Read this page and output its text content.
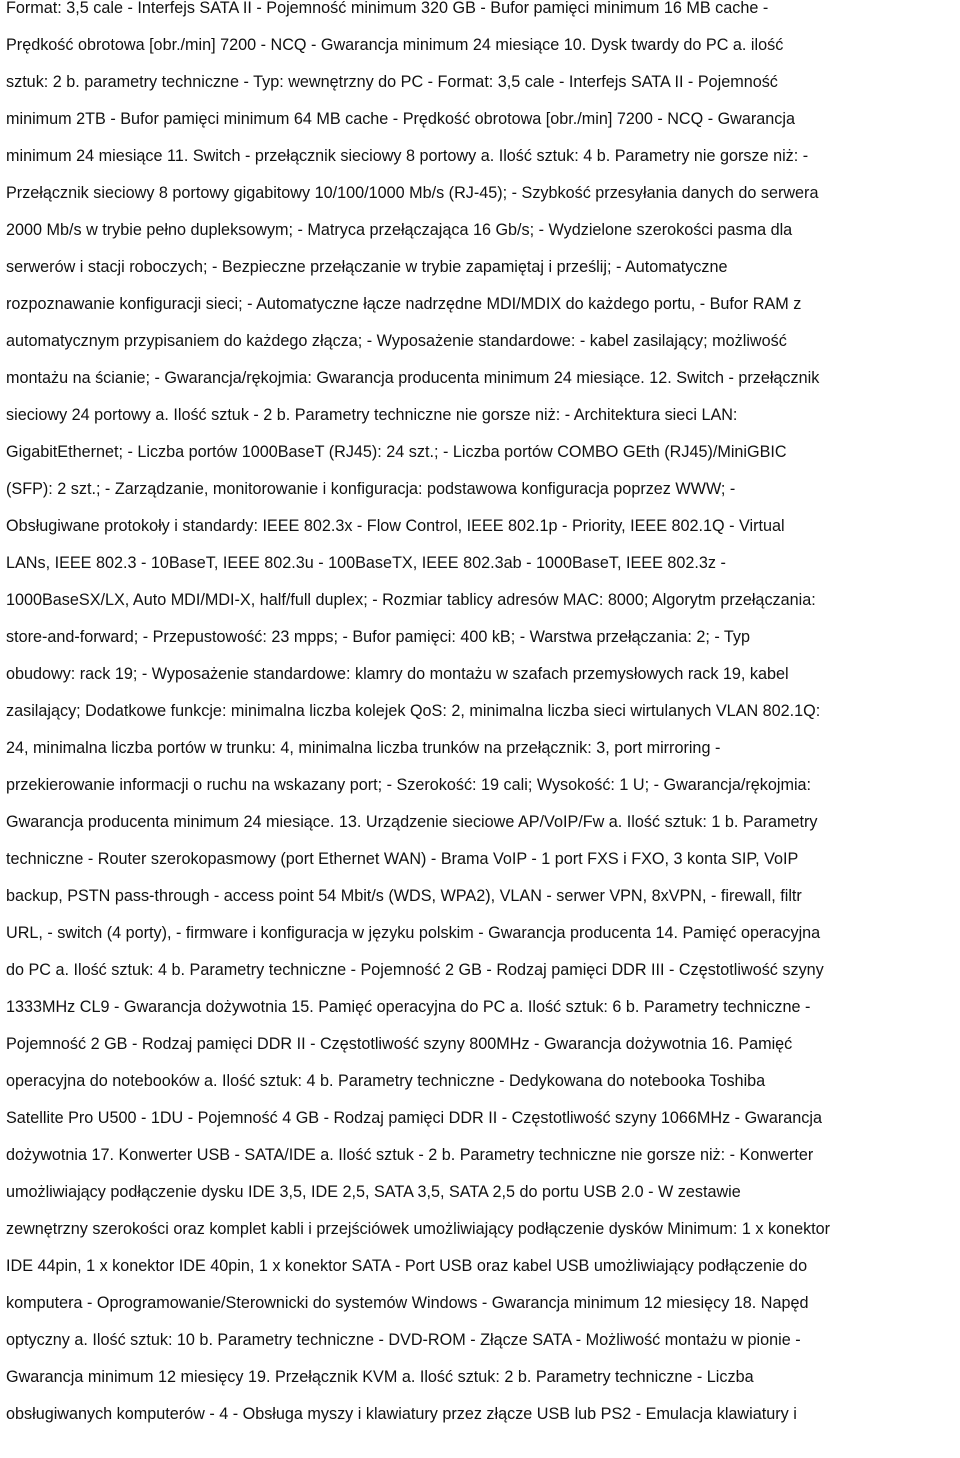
Format: 3,5 cale - Interfejs SATA II - Pojemność minimum 320 GB - Bufor pamięci minimum 16 MB cache -
Prędkość obrotowa [obr./min] 7200 - NCQ - Gwarancja minimum 24 miesiące 10. Dysk twardy do PC a. ilość
sztuk: 2 b. parametry techniczne - Typ: wewnętrzny do PC - Format: 3,5 cale - Interfejs SATA II - Pojemność
minimum 2TB - Bufor pamięci minimum 64 MB cache - Prędkość obrotowa [obr./min] 7200 - NCQ - Gwarancja
minimum 24 miesiące 11. Switch - przełącznik sieciowy 8 portowy a. Ilość sztuk: 4 b. Parametry nie gorsze niż: -
Przełącznik sieciowy 8 portowy gigabitowy 10/100/1000 Mb/s (RJ-45); - Szybkość przesyłania danych do serwera
2000 Mb/s w trybie pełno dupleksowym; - Matryca przełączająca 16 Gb/s; - Wydzielone szerokości pasma dla
serwerów i stacji roboczych; - Bezpieczne przełączanie w trybie zapamiętaj i prześlij; - Automatyczne
rozpoznawanie konfiguracji sieci; - Automatyczne łącze nadrzędne MDI/MDIX do każdego portu, - Bufor RAM z
automatycznym przypisaniem do każdego złącza; - Wyposażenie standardowe: - kabel zasilający; możliwość
montażu na ścianie; - Gwarancja/rękojmia: Gwarancja producenta minimum 24 miesiące. 12. Switch - przełącznik
sieciowy 24 portowy a. Ilość sztuk - 2 b. Parametry techniczne nie gorsze niż: - Architektura sieci LAN:
GigabitEthernet; - Liczba portów 1000BaseT (RJ45): 24 szt.; - Liczba portów COMBO GEth (RJ45)/MiniGBIC
(SFP): 2 szt.; - Zarządzanie, monitorowanie i konfiguracja: podstawowa konfiguracja poprzez WWW; -
Obsługiwane protokoły i standardy: IEEE 802.3x - Flow Control, IEEE 802.1p - Priority, IEEE 802.1Q - Virtual
LANs, IEEE 802.3 - 10BaseT, IEEE 802.3u - 100BaseTX, IEEE 802.3ab - 1000BaseT, IEEE 802.3z -
1000BaseSX/LX, Auto MDI/MDI-X, half/full duplex; - Rozmiar tablicy adresów MAC: 8000; Algorytm przełączania:
store-and-forward; - Przepustowość: 23 mpps; - Bufor pamięci: 400 kB; - Warstwa przełączania: 2; - Typ
obudowy: rack 19; - Wyposażenie standardowe: klamry do montażu w szafach przemysłowych rack 19, kabel
zasilający; Dodatkowe funkcje: minimalna liczba kolejek QoS: 2, minimalna liczba sieci wirtulanych VLAN 802.1Q:
24, minimalna liczba portów w trunku: 4, minimalna liczba trunków na przełącznik: 3, port mirroring -
przekierowanie informacji o ruchu na wskazany port; - Szerokość: 19 cali; Wysokość: 1 U; - Gwarancja/rękojmia:
Gwarancja producenta minimum 24 miesiące. 13. Urządzenie sieciowe AP/VoIP/Fw a. Ilość sztuk: 1 b. Parametry
techniczne - Router szerokopasmowy (port Ethernet WAN) - Brama VoIP - 1 port FXS i FXO, 3 konta SIP, VoIP
backup, PSTN pass-through - access point 54 Mbit/s (WDS, WPA2), VLAN - serwer VPN, 8xVPN, - firewall, filtr
URL, - switch (4 porty), - firmware i konfiguracja w języku polskim - Gwarancja producenta 14. Pamięć operacyjna
do PC a. Ilość sztuk: 4 b. Parametry techniczne - Pojemność 2 GB - Rodzaj pamięci DDR III - Częstotliwość szyny
1333MHz CL9 - Gwarancja dożywotnia 15. Pamięć operacyjna do PC a. Ilość sztuk: 6 b. Parametry techniczne -
Pojemność 2 GB - Rodzaj pamięci DDR II - Częstotliwość szyny 800MHz - Gwarancja dożywotnia 16. Pamięć
operacyjna do notebooków a. Ilość sztuk: 4 b. Parametry techniczne - Dedykowana do notebooka Toshiba
Satellite Pro U500 - 1DU - Pojemność 4 GB - Rodzaj pamięci DDR II - Częstotliwość szyny 1066MHz - Gwarancja
dożywotnia 17. Konwerter USB - SATA/IDE a. Ilość sztuk - 2 b. Parametry techniczne nie gorsze niż: - Konwerter
umożliwiający podłączenie dysku IDE 3,5, IDE 2,5, SATA 3,5, SATA 2,5 do portu USB 2.0 - W zestawie
zewnętrzny szerokości oraz komplet kabli i przejściówek umożliwiający podłączenie dysków Minimum: 1 x konektor
IDE 44pin, 1 x konektor IDE 40pin, 1 x konektor SATA - Port USB oraz kabel USB umożliwiający podłączenie do
komputera - Oprogramowanie/Sterownicki do systemów Windows - Gwarancja minimum 12 miesięcy 18. Napęd
optyczny a. Ilość sztuk: 10 b. Parametry techniczne - DVD-ROM - Złącze SATA - Możliwość montażu w pionie -
Gwarancja minimum 12 miesięcy 19. Przełącznik KVM a. Ilość sztuk: 2 b. Parametry techniczne - Liczba
obsługiwanych komputerów - 4 - Obsługa myszy i klawiatury przez złącze USB lub PS2 - Emulacja klawiatury i
